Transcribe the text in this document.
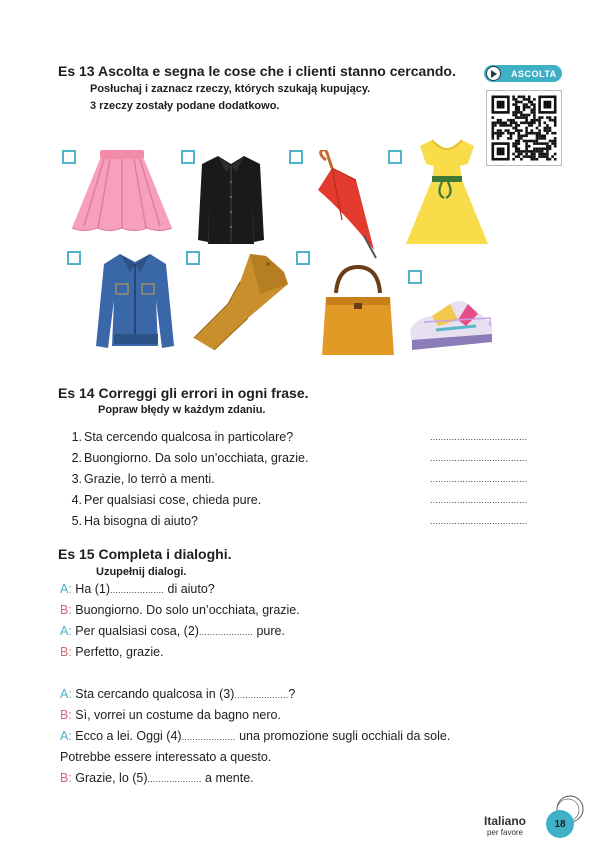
Es 13 Ascolta e segna le cose che i clienti stanno cercando.
Posłuchaj i zaznacz rzeczy, których szukają kupujący.
3 rzeczy zostały podane dodatkowo.
ASCOLTA
Es 14 Correggi gli errori in ogni frase.
Popraw błędy w każdym zdaniu.
1. Sta cercendo qualcosa in particolare?	....................................
2. Buongiorno. Da solo un’occhiata, grazie.	....................................
3. Grazie, lo terrò a menti.	....................................
4. Per qualsiasi cose, chieda pure.	....................................
5. Ha bisogna di aiuto?	....................................
Es 15 Completa i dialoghi.
Uzupełnij dialogi.
A: Ha (1).................... di aiuto?
B: Buongiorno. Do solo un’occhiata, grazie.
A: Per qualsiasi cosa, (2).................... pure.
B: Perfetto, grazie.
A: Sta cercando qualcosa in (3)....................?
B: Sì, vorrei un costume da bagno nero.
A: Ecco a lei. Oggi (4).................... una promozione sugli occhiali da sole.
Potrebbe essere interessato a questo.
B: Grazie, lo (5).................... a mente.
Italiano
per favore
18
